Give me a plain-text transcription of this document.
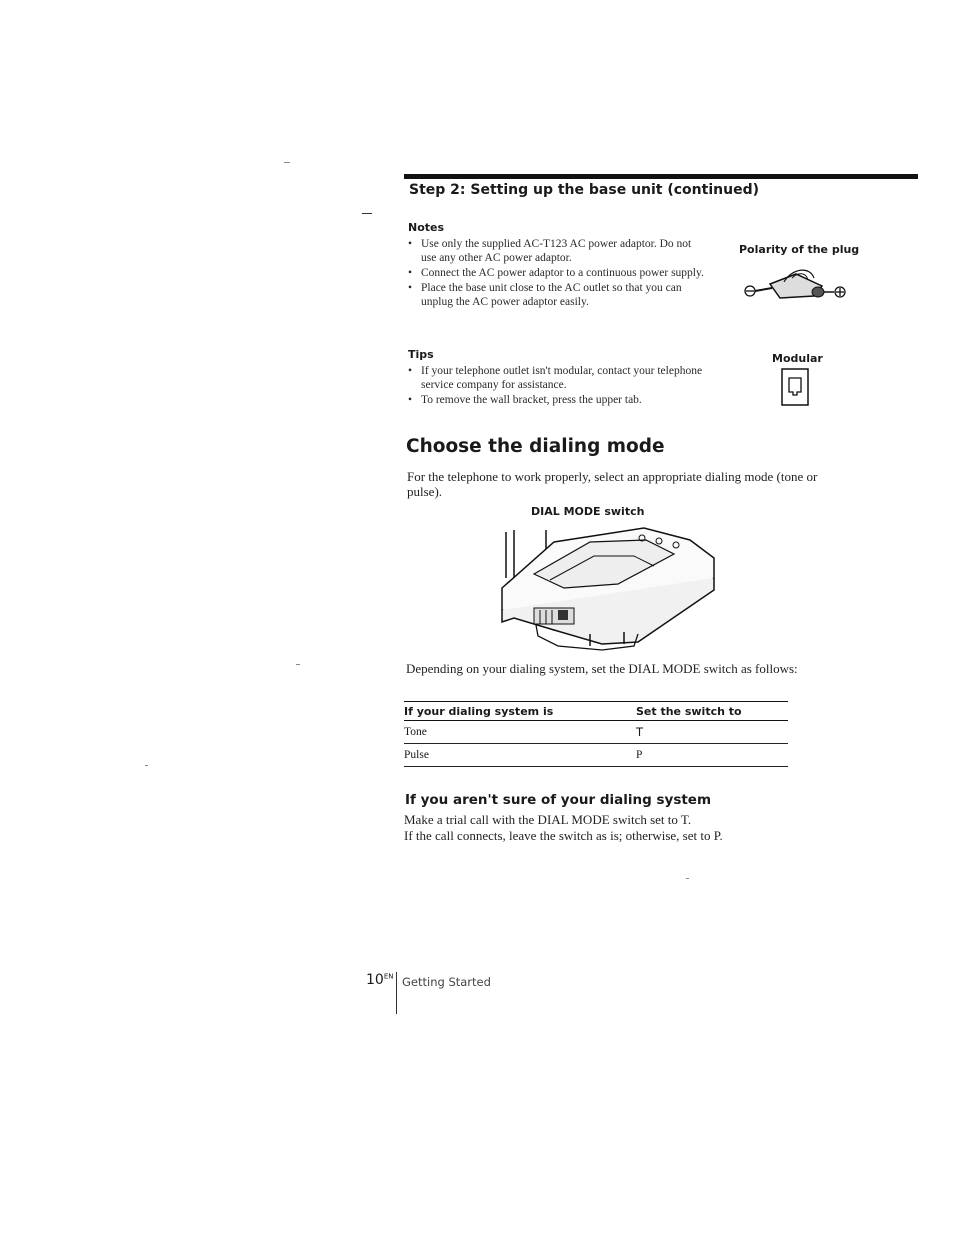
Step 2: Setting up the base unit (continued)
Notes
• Use only the supplied AC-T123 AC power adaptor. Do not use any other AC power adaptor.
• Connect the AC power adaptor to a continuous power supply.
• Place the base unit close to the AC outlet so that you can unplug the AC power adaptor easily.
Polarity of the plug
Tips
• If your telephone outlet isn't modular, contact your telephone service company for assistance.
• To remove the wall bracket, press the upper tab.
Modular
Choose the dialing mode
For the telephone to work properly, select an appropriate dialing mode (tone or pulse).
DIAL MODE switch
Depending on your dialing system, set the DIAL MODE switch as follows:
If your dialing system is	Set the switch to
Tone	T
Pulse	P
If you aren't sure of your dialing system
Make a trial call with the DIAL MODE switch set to T.
If the call connects, leave the switch as is; otherwise, set to P.
$10^{EN}$ Getting Started
